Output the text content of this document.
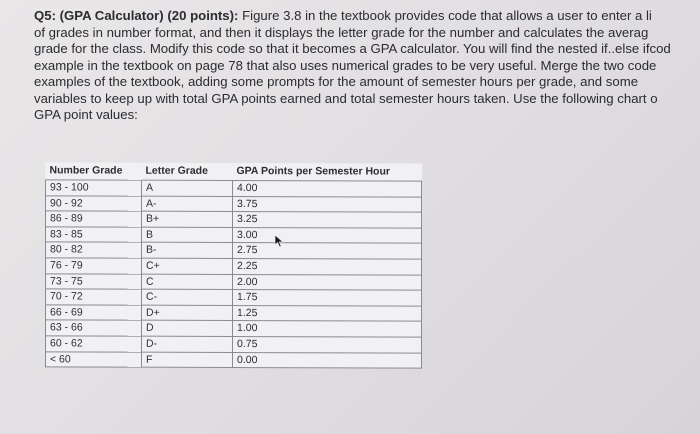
Q5: (GPA Calculator) (20 points): Figure 3.8 in the textbook provides code that allows a user to enter a li
of grades in number format, and then it displays the letter grade for the number and calculates the averag
grade for the class. Modify this code so that it becomes a GPA calculator. You will find the nested if..else ifcod
example in the textbook on page 78 that also uses numerical grades to be very useful. Merge the two code
examples of the textbook, adding some prompts for the amount of semester hours per grade, and some
variables to keep up with total GPA points earned and total semester hours taken. Use the following chart o
GPA point values:
Number Grade	Letter Grade	GPA Points per Semester Hour
93 - 100	A	4.00
90 - 92	A-	3.75
86 - 89	B+	3.25
83 - 85	B	3.00
80 - 82	B-	2.75
76 - 79	C+	2.25
73 - 75	C	2.00
70 - 72	C-	1.75
66 - 69	D+	1.25
63 - 66	D	1.00
60 - 62	D-	0.75
< 60	F	0.00
